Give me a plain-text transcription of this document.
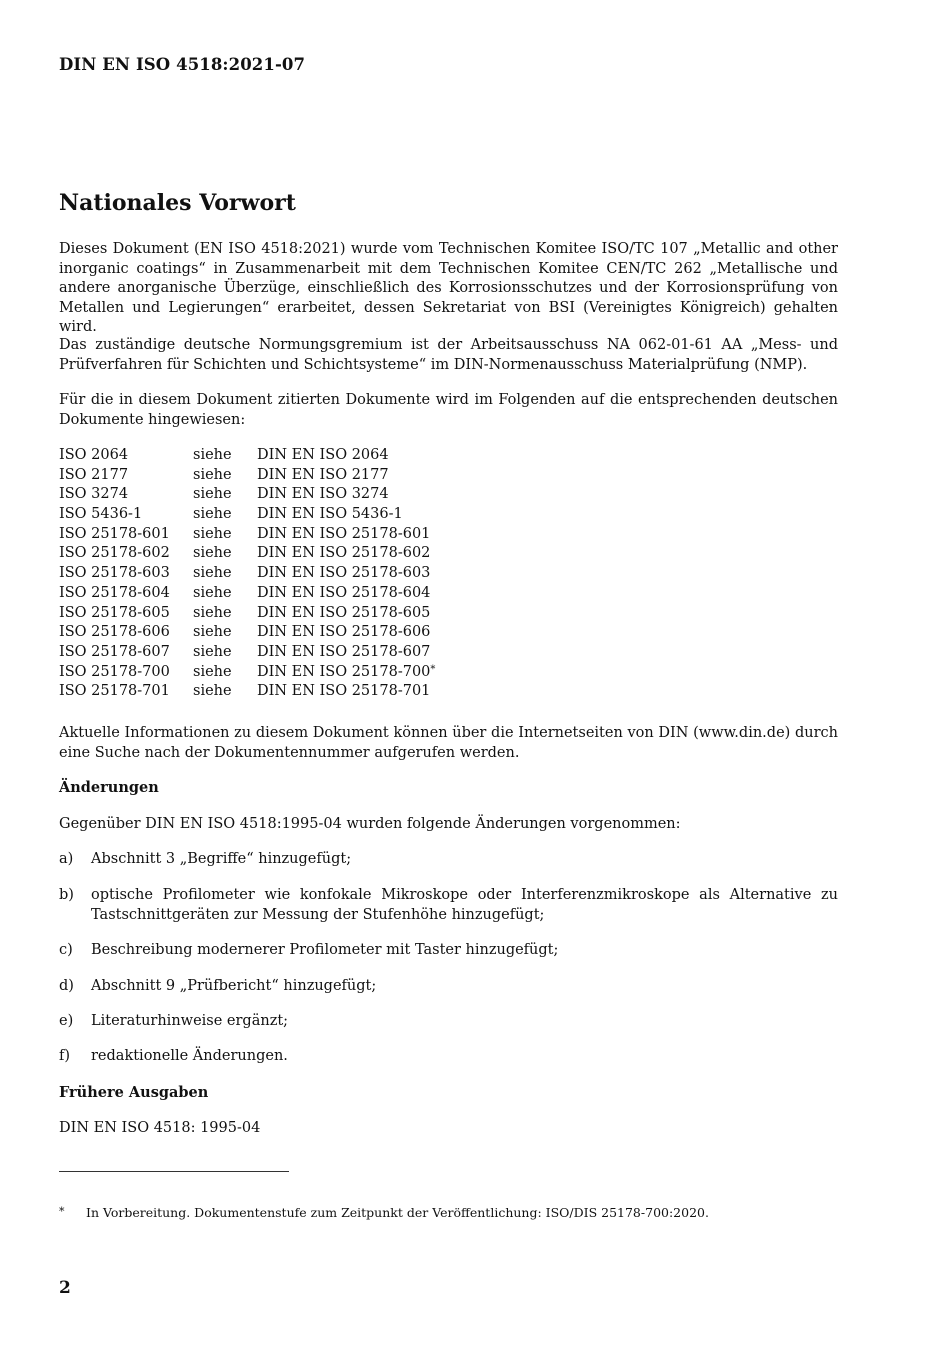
DIN EN ISO 4518:2021-07
Nationales Vorwort
Dieses Dokument (EN ISO 4518:2021) wurde vom Technischen Komitee ISO/TC 107 „Metallic and other inorganic coatings“ in Zusammenarbeit mit dem Technischen Komitee CEN/TC 262 „Metallische und andere anorganische Überzüge, einschließlich des Korrosionsschutzes und der Korrosionsprüfung von Metallen und Legierungen“ erarbeitet, dessen Sekretariat von BSI (Vereinigtes Königreich) gehalten wird.
Das zuständige deutsche Normungsgremium ist der Arbeitsausschuss NA 062-01-61 AA „Mess- und Prüfverfahren für Schichten und Schichtsysteme“ im DIN-Normenausschuss Materialprüfung (NMP).
Für die in diesem Dokument zitierten Dokumente wird im Folgenden auf die entsprechenden deutschen Dokumente hingewiesen:
ISO 2064	siehe	DIN EN ISO 2064
ISO 2177	siehe	DIN EN ISO 2177
ISO 3274	siehe	DIN EN ISO 3274
ISO 5436-1	siehe	DIN EN ISO 5436-1
ISO 25178-601	siehe	DIN EN ISO 25178-601
ISO 25178-602	siehe	DIN EN ISO 25178-602
ISO 25178-603	siehe	DIN EN ISO 25178-603
ISO 25178-604	siehe	DIN EN ISO 25178-604
ISO 25178-605	siehe	DIN EN ISO 25178-605
ISO 25178-606	siehe	DIN EN ISO 25178-606
ISO 25178-607	siehe	DIN EN ISO 25178-607
ISO 25178-700	siehe	DIN EN ISO 25178-700*
ISO 25178-701	siehe	DIN EN ISO 25178-701
Aktuelle Informationen zu diesem Dokument können über die Internetseiten von DIN (www.din.de) durch eine Suche nach der Dokumentennummer aufgerufen werden.
Änderungen
Gegenüber DIN EN ISO 4518:1995-04 wurden folgende Änderungen vorgenommen:
a)	Abschnitt 3 „Begriffe“ hinzugefügt;
b)	optische Profilometer wie konfokale Mikroskope oder Interferenzmikroskope als Alternative zu Tastschnittgeräten zur Messung der Stufenhöhe hinzugefügt;
c)	Beschreibung modernerer Profilometer mit Taster hinzugefügt;
d)	Abschnitt 9 „Prüfbericht“ hinzugefügt;
e)	Literaturhinweise ergänzt;
f)	redaktionelle Änderungen.
Frühere Ausgaben
DIN EN ISO 4518: 1995-04
*	In Vorbereitung. Dokumentenstufe zum Zeitpunkt der Veröffentlichung: ISO/DIS 25178-700:2020.
2
